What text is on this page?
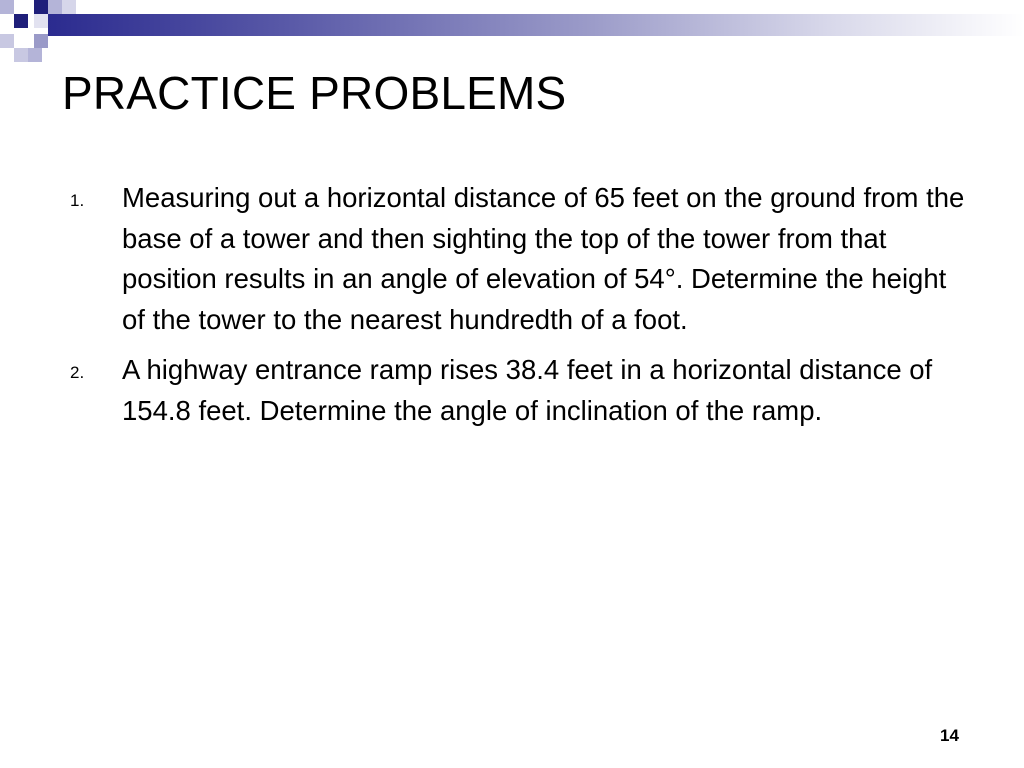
PRACTICE PROBLEMS
1. Measuring out a horizontal distance of 65 feet on the ground from the base of a tower and then sighting the top of the tower from that position results in an angle of elevation of 54°. Determine the height of the tower to the nearest hundredth of a foot.
2. A highway entrance ramp rises 38.4 feet in a horizontal distance of 154.8 feet. Determine the angle of inclination of the ramp.
14
